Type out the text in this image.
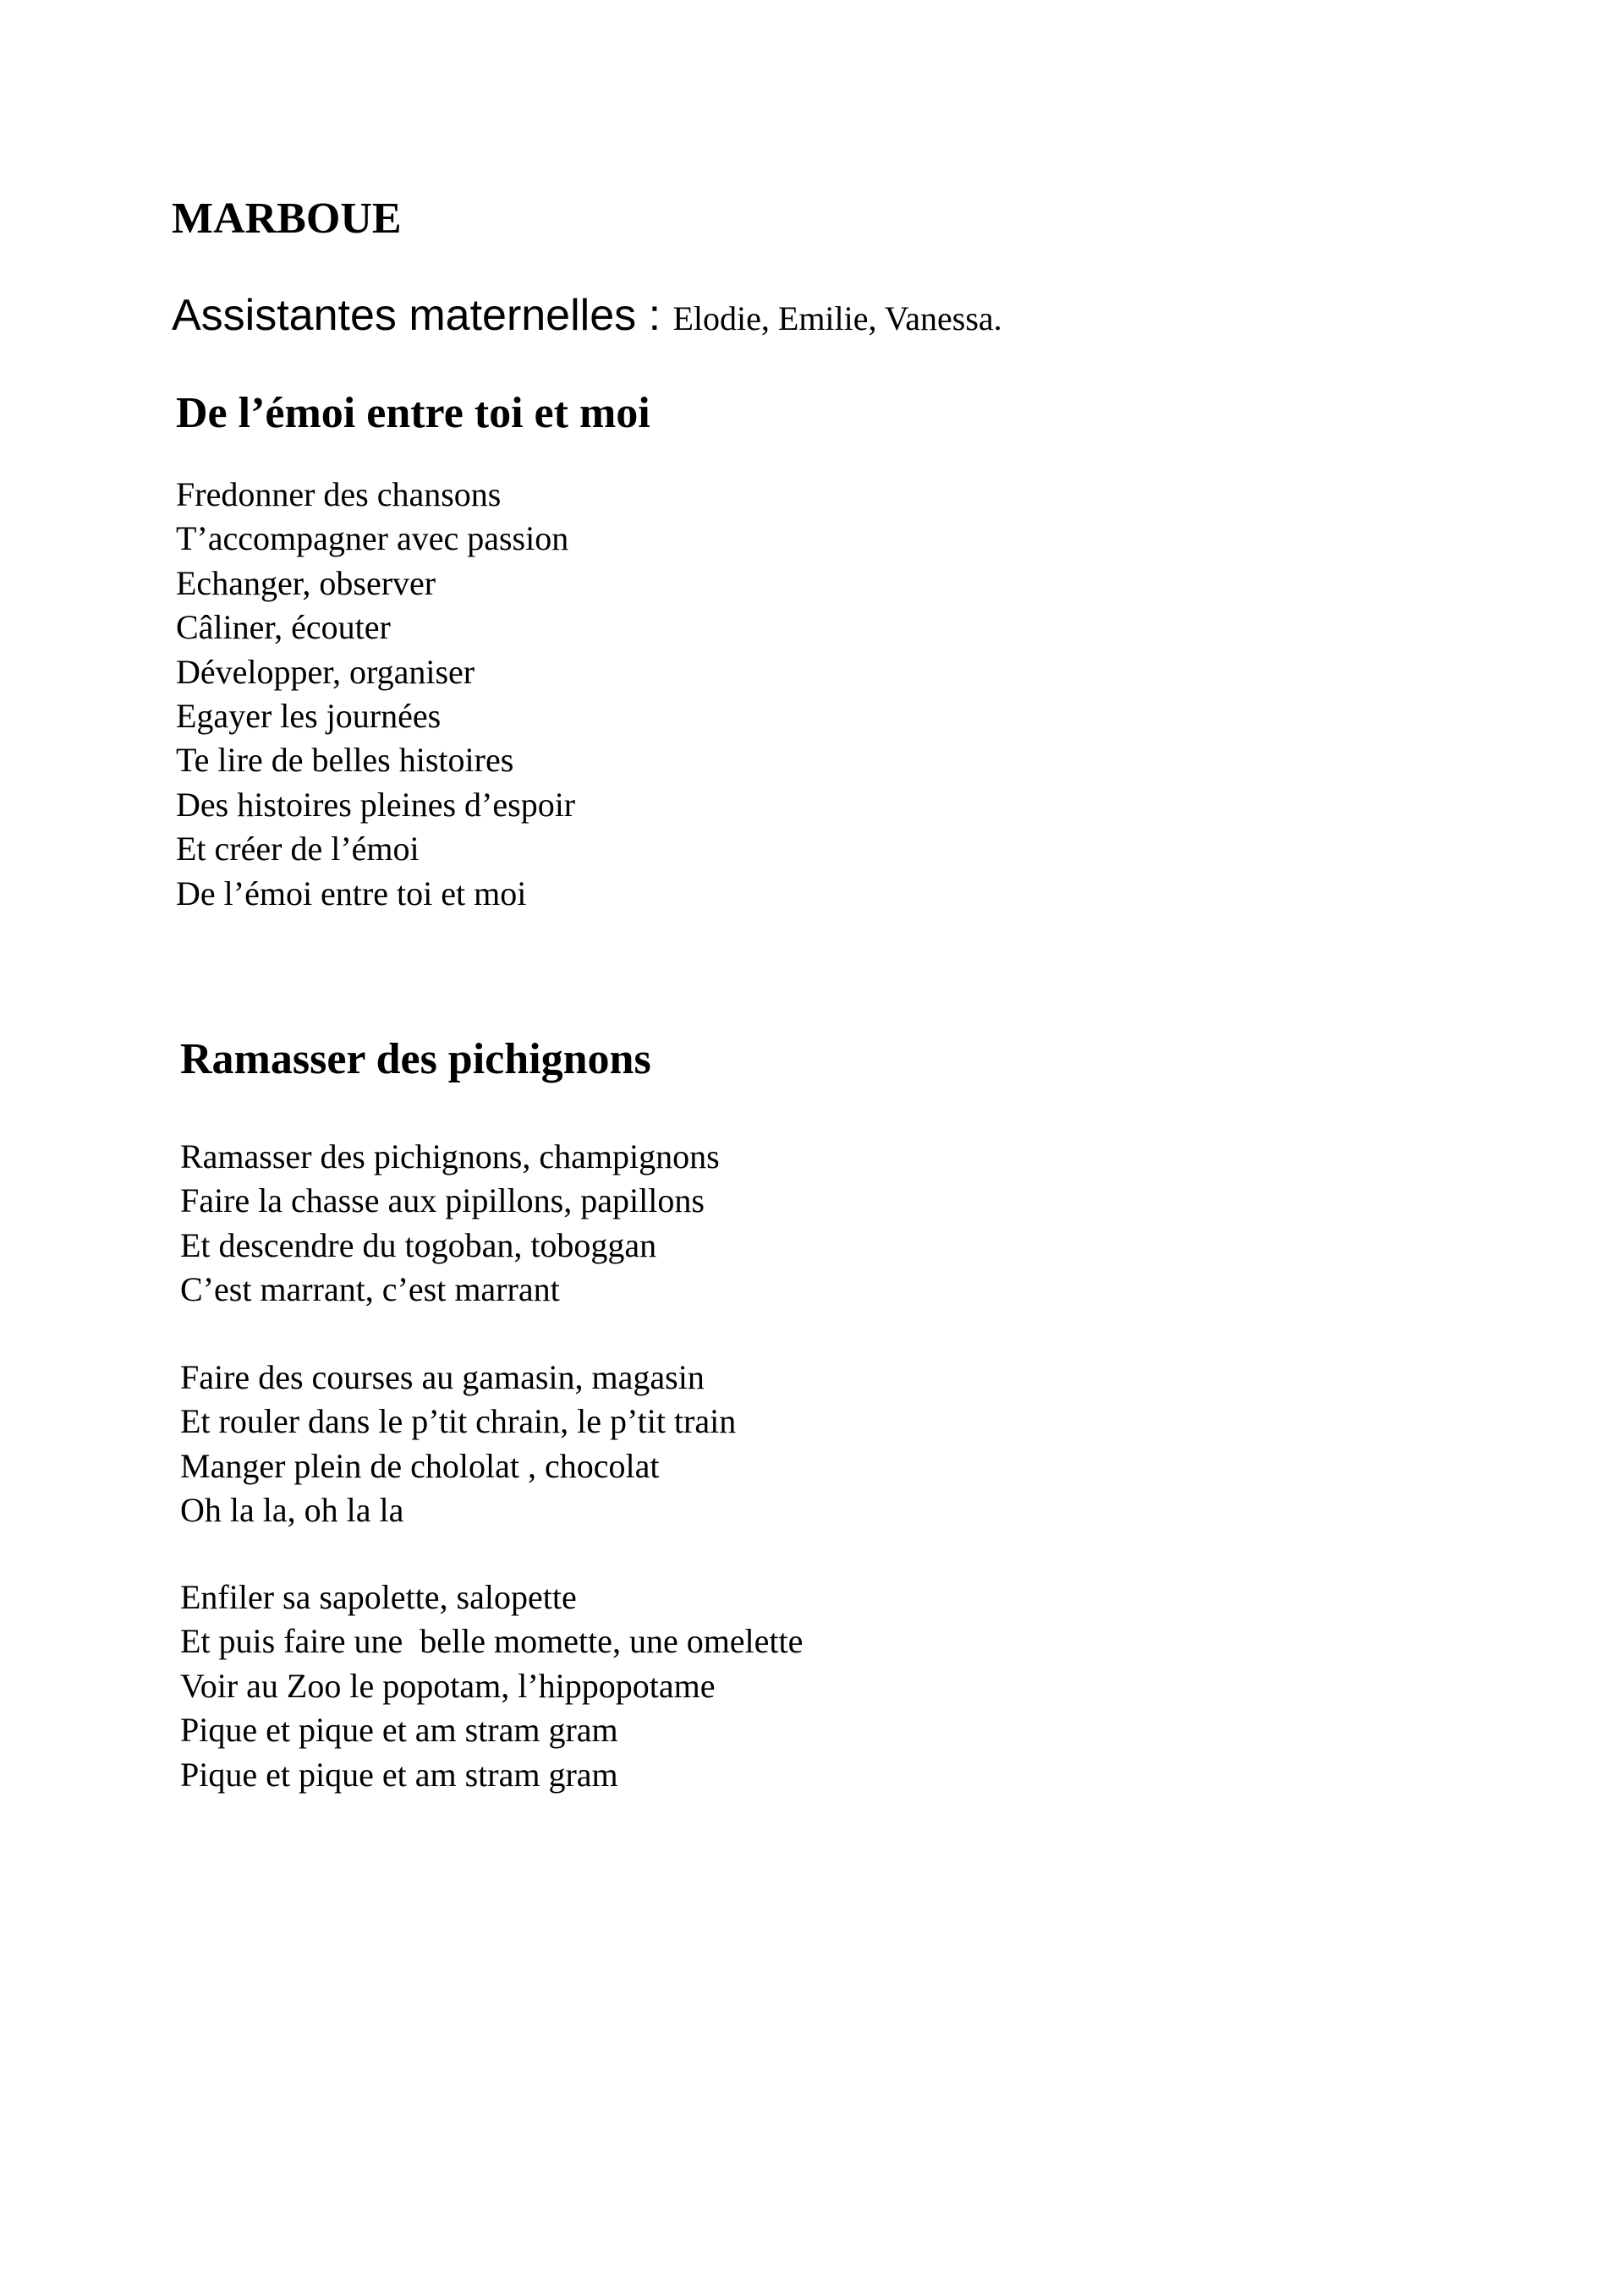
MARBOUE

Assistantes maternelles : Elodie, Emilie, Vanessa.

De l’émoi entre toi et moi
Fredonner des chansons
T’accompagner avec passion
Echanger, observer
Câliner, écouter
Développer, organiser
Egayer les journées
Te lire de belles histoires
Des histoires pleines d’espoir
Et créer de l’émoi
De l’émoi entre toi et moi
Ramasser des pichignons
Ramasser des pichignons, champignons
Faire la chasse aux pipillons, papillons
Et descendre du togoban, toboggan
C’est marrant, c’est marrant
Faire des courses au gamasin, magasin
Et rouler dans le p’tit chrain, le p’tit train
Manger plein de chololat , chocolat
Oh la la, oh la la
Enfiler sa sapolette, salopette
Et puis faire une  belle momette, une omelette
Voir au Zoo le popotam, l’hippopotame
Pique et pique et am stram gram
Pique et pique et am stram gram
